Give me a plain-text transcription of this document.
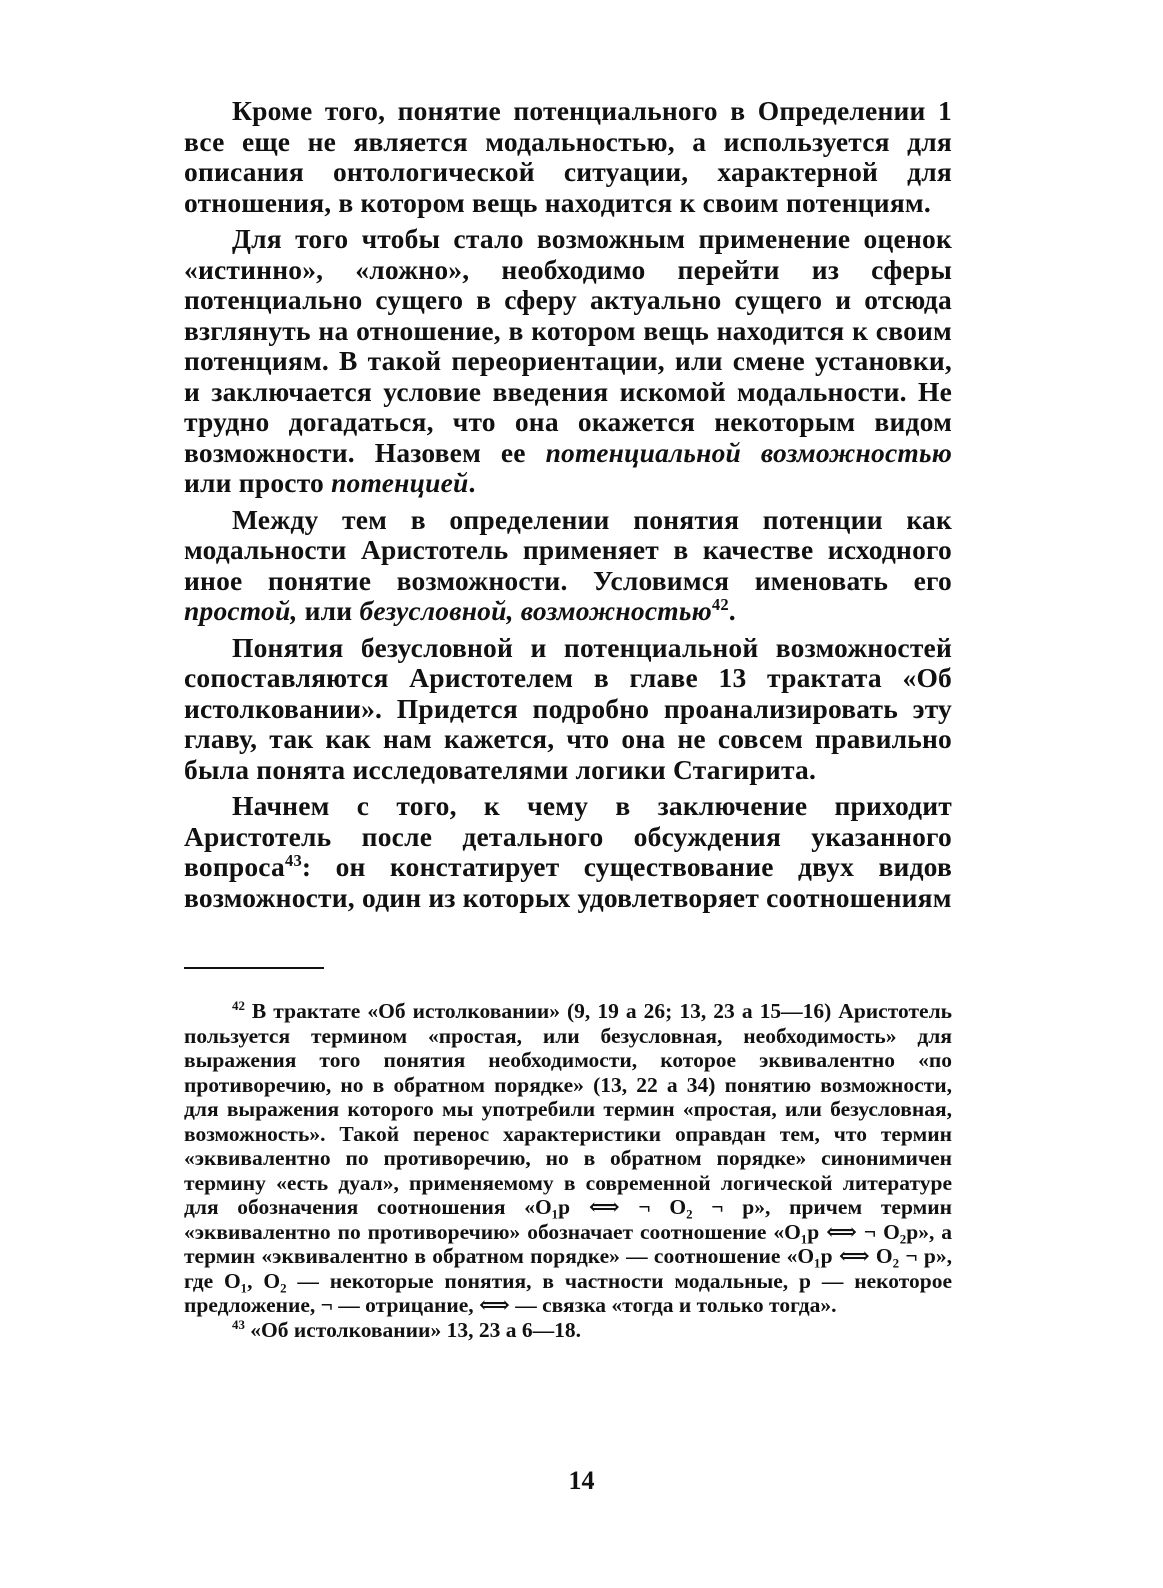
Кроме того, понятие потенциального в Определении 1 все еще не является модальностью, а используется для описания онтологической ситуации, характерной для отношения, в котором вещь находится к своим потенциям.

Для того чтобы стало возможным применение оценок «истинно», «ложно», необходимо перейти из сферы потенциально сущего в сферу актуально сущего и отсюда взглянуть на отношение, в котором вещь находится к своим потенциям. В такой переориентации, или смене установки, и заключается условие введения искомой модальности. Не трудно догадаться, что она окажется некоторым видом возможности. Назовем ее потенциальной возможностью или просто потенцией.

Между тем в определении понятия потенции как модальности Аристотель применяет в качестве исходного иное понятие возможности. Условимся именовать его простой, или безусловной, возможностью$^{42}$.

Понятия безусловной и потенциальной возможностей сопоставляются Аристотелем в главе 13 трактата «Об истолковании». Придется подробно проанализировать эту главу, так как нам кажется, что она не совсем правильно была понята исследователями логики Стагирита.

Начнем с того, к чему в заключение приходит Аристотель после детального обсуждения указанного вопроса$^{43}$: он констатирует существование двух видов возможности, один из которых удовлетворяет соотношениям

$^{42}$ В трактате «Об истолковании» (9, 19 а 26; 13, 23 а 15—16) Аристотель пользуется термином «простая, или безусловная, необходимость» для выражения того понятия необходимости, которое эквивалентно «по противоречию, но в обратном порядке» (13, 22 а 34) понятию возможности, для выражения которого мы употребили термин «простая, или безусловная, возможность». Такой перенос характеристики оправдан тем, что термин «эквивалентно по противоречию, но в обратном порядке» синонимичен термину «есть дуал», применяемому в современной логической литературе для обозначения соотношения «O₁p ⟺ ¬ O₂ ¬ p», причем термин «эквивалентно по противоречию» обозначает соотношение «O₁p ⟺ ¬ O₂p», а термин «эквивалентно в обратном порядке» — соотношение «O₁p ⟺ O₂ ¬ p», где O₁, O₂ — некоторые понятия, в частности модальные, p — некоторое предложение, ¬ — отрицание, ⟺ — связка «тогда и только тогда».

$^{43}$ «Об истолковании» 13, 23 а 6—18.

14
